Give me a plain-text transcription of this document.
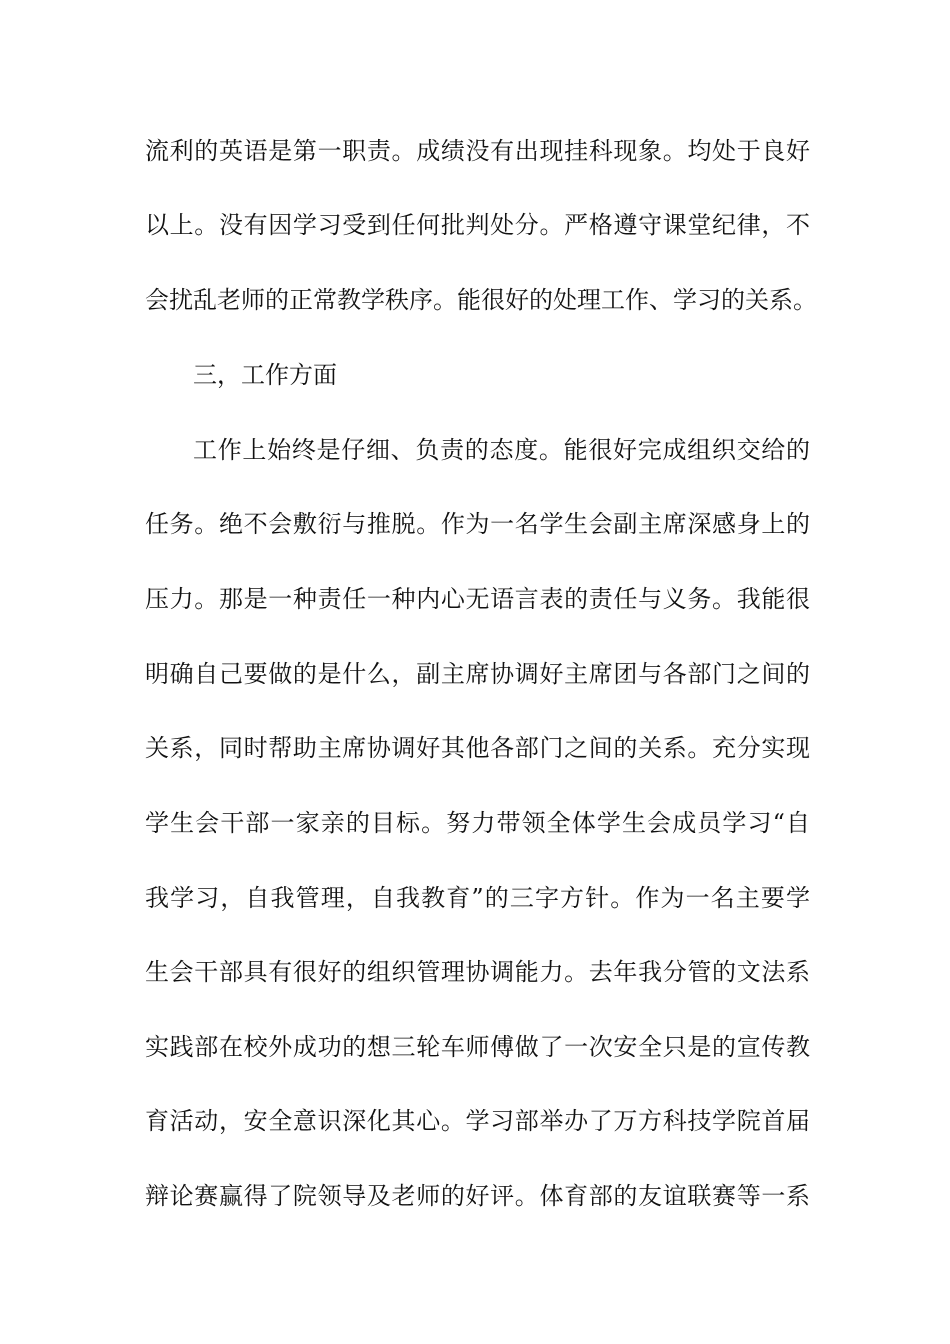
流利的英语是第一职责。成绩没有出现挂科现象。均处于良好
以上。没有因学习受到任何批判处分。严格遵守课堂纪律，不
会扰乱老师的正常教学秩序。能很好的处理工作、学习的关系。
三，工作方面
工作上始终是仔细、负责的态度。能很好完成组织交给的
任务。绝不会敷衍与推脱。作为一名学生会副主席深感身上的
压力。那是一种责任一种内心无语言表的责任与义务。我能很
明确自己要做的是什么，副主席协调好主席团与各部门之间的
关系，同时帮助主席协调好其他各部门之间的关系。充分实现
学生会干部一家亲的目标。努力带领全体学生会成员学习“自
我学习，自我管理，自我教育”的三字方针。作为一名主要学
生会干部具有很好的组织管理协调能力。去年我分管的文法系
实践部在校外成功的想三轮车师傅做了一次安全只是的宣传教
育活动，安全意识深化其心。学习部举办了万方科技学院首届
辩论赛赢得了院领导及老师的好评。体育部的友谊联赛等一系
